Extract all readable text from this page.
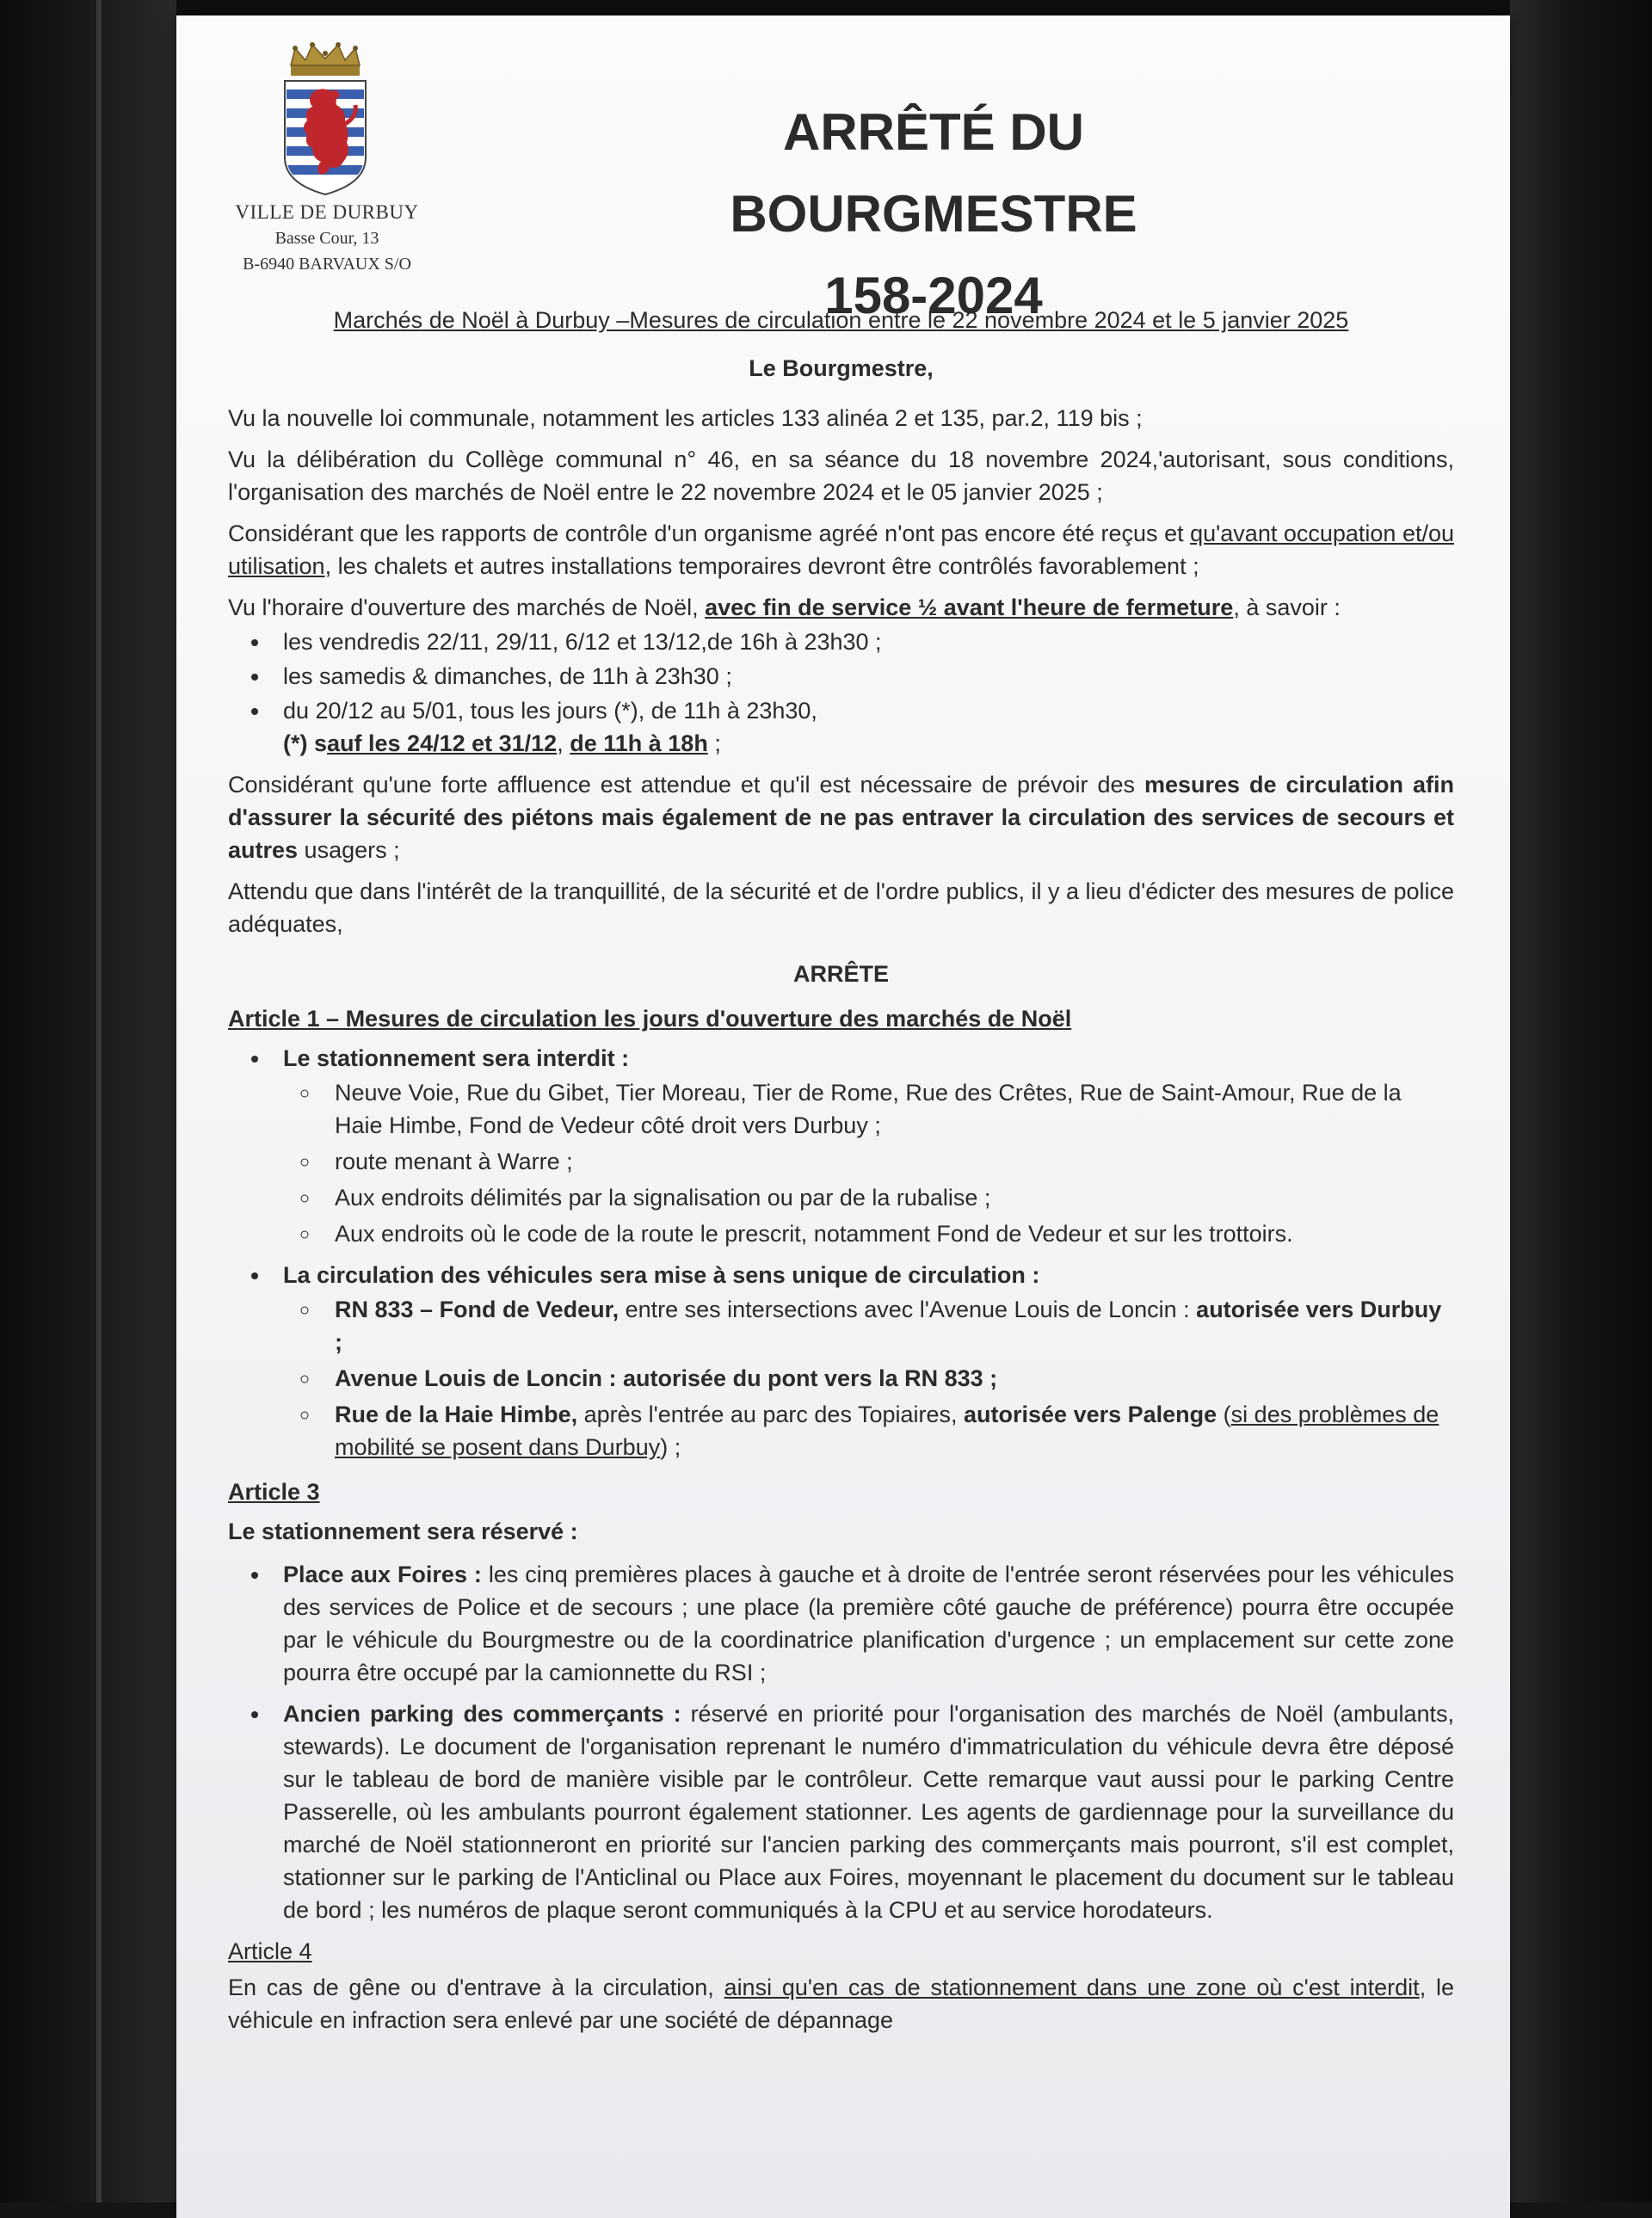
VILLE DE DURBUY
Basse Cour, 13
B-6940 BARVAUX S/O
ARRÊTÉ DU BOURGMESTRE
158-2024
Marchés de Noël à Durbuy –Mesures de circulation entre le 22 novembre 2024 et le 5 janvier 2025
Le Bourgmestre,

Vu la nouvelle loi communale, notamment les articles 133 alinéa 2 et 135, par.2, 119 bis ;

Vu la délibération du Collège communal n° 46, en sa séance du 18 novembre 2024,'autorisant, sous conditions, l'organisation des marchés de Noël entre le 22 novembre 2024 et le 05 janvier 2025 ;

Considérant que les rapports de contrôle d'un organisme agréé n'ont pas encore été reçus et qu'avant occupation et/ou utilisation, les chalets et autres installations temporaires devront être contrôlés favorablement ;

Vu l'horaire d'ouverture des marchés de Noël, avec fin de service ½ avant l'heure de fermeture, à savoir :

• les vendredis 22/11, 29/11, 6/12 et 13/12,de 16h à 23h30 ;
• les samedis & dimanches, de 11h à 23h30 ;
• du 20/12 au 5/01, tous les jours (*), de 11h à 23h30,
(*) sauf les 24/12 et 31/12, de 11h à 18h ;

Considérant qu'une forte affluence est attendue et qu'il est nécessaire de prévoir des mesures de circulation afin d'assurer la sécurité des piétons mais également de ne pas entraver la circulation des services de secours et autres usagers ;

Attendu que dans l'intérêt de la tranquillité, de la sécurité et de l'ordre publics, il y a lieu d'édicter des mesures de police adéquates,

ARRÊTE
Article 1 – Mesures de circulation les jours d'ouverture des marchés de Noël
• Le stationnement sera interdit :
◦ Neuve Voie, Rue du Gibet, Tier Moreau, Tier de Rome, Rue des Crêtes, Rue de Saint-Amour, Rue de la Haie Himbe, Fond de Vedeur côté droit vers Durbuy ;
◦ route menant à Warre ;
◦ Aux endroits délimités par la signalisation ou par de la rubalise ;
◦ Aux endroits où le code de la route le prescrit, notamment Fond de Vedeur et sur les trottoirs.
• La circulation des véhicules sera mise à sens unique de circulation :
◦ RN 833 – Fond de Vedeur, entre ses intersections avec l'Avenue Louis de Loncin : autorisée vers Durbuy ;
◦ Avenue Louis de Loncin : autorisée du pont vers la RN 833 ;
◦ Rue de la Haie Himbe, après l'entrée au parc des Topiaires, autorisée vers Palenge (si des problèmes de mobilité se posent dans Durbuy) ;
Article 3
Le stationnement sera réservé :
• Place aux Foires : les cinq premières places à gauche et à droite de l'entrée seront réservées pour les véhicules des services de Police et de secours ; une place (la première côté gauche de préférence) pourra être occupée par le véhicule du Bourgmestre ou de la coordinatrice planification d'urgence ; un emplacement sur cette zone pourra être occupé par la camionnette du RSI ;
• Ancien parking des commerçants : réservé en priorité pour l'organisation des marchés de Noël (ambulants, stewards). Le document de l'organisation reprenant le numéro d'immatriculation du véhicule devra être déposé sur le tableau de bord de manière visible par le contrôleur. Cette remarque vaut aussi pour le parking Centre Passerelle, où les ambulants pourront également stationner. Les agents de gardiennage pour la surveillance du marché de Noël stationneront en priorité sur l'ancien parking des commerçants mais pourront, s'il est complet, stationner sur le parking de l'Anticlinal ou Place aux Foires, moyennant le placement du document sur le tableau de bord ; les numéros de plaque seront communiqués à la CPU et au service horodateurs.
Article 4

En cas de gêne ou d'entrave à la circulation, ainsi qu'en cas de stationnement dans une zone où c'est interdit, le véhicule en infraction sera enlevé par une société de dépannage
